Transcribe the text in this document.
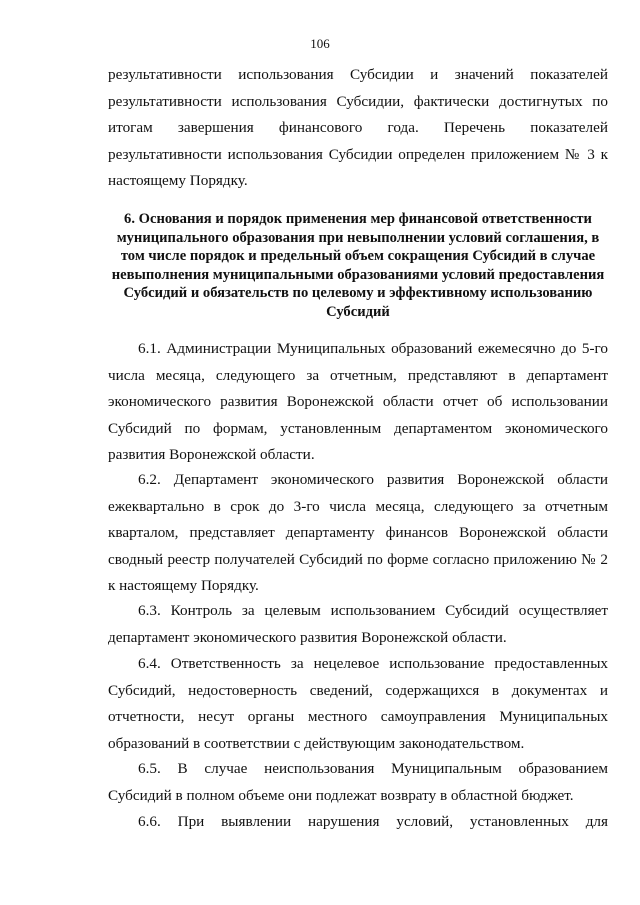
106

результативности использования Субсидии и значений показателей результативности использования Субсидии, фактически достигнутых по итогам завершения финансового года. Перечень показателей результативности использования Субсидии определен приложением № 3 к настоящему Порядку.

6. Основания и порядок применения мер финансовой ответственности муниципального образования при невыполнении условий соглашения, в том числе порядок и предельный объем сокращения Субсидий в случае невыполнения муниципальными образованиями условий предоставления Субсидий и обязательств по целевому и эффективному использованию Субсидий

6.1. Администрации Муниципальных образований ежемесячно до 5-го числа месяца, следующего за отчетным, представляют в департамент экономического развития Воронежской области отчет об использовании Субсидий по формам, установленным департаментом экономического развития Воронежской области.

6.2. Департамент экономического развития Воронежской области ежеквартально в срок до 3-го числа месяца, следующего за отчетным кварталом, представляет департаменту финансов Воронежской области сводный реестр получателей Субсидий по форме согласно приложению № 2 к настоящему Порядку.

6.3. Контроль за целевым использованием Субсидий осуществляет департамент экономического развития Воронежской области.

6.4. Ответственность за нецелевое использование предоставленных Субсидий, недостоверность сведений, содержащихся в документах и отчетности, несут органы местного самоуправления Муниципальных образований в соответствии с действующим законодательством.

6.5. В случае неиспользования Муниципальным образованием Субсидий в полном объеме они подлежат возврату в областной бюджет.

6.6. При выявлении нарушения условий, установленных для
